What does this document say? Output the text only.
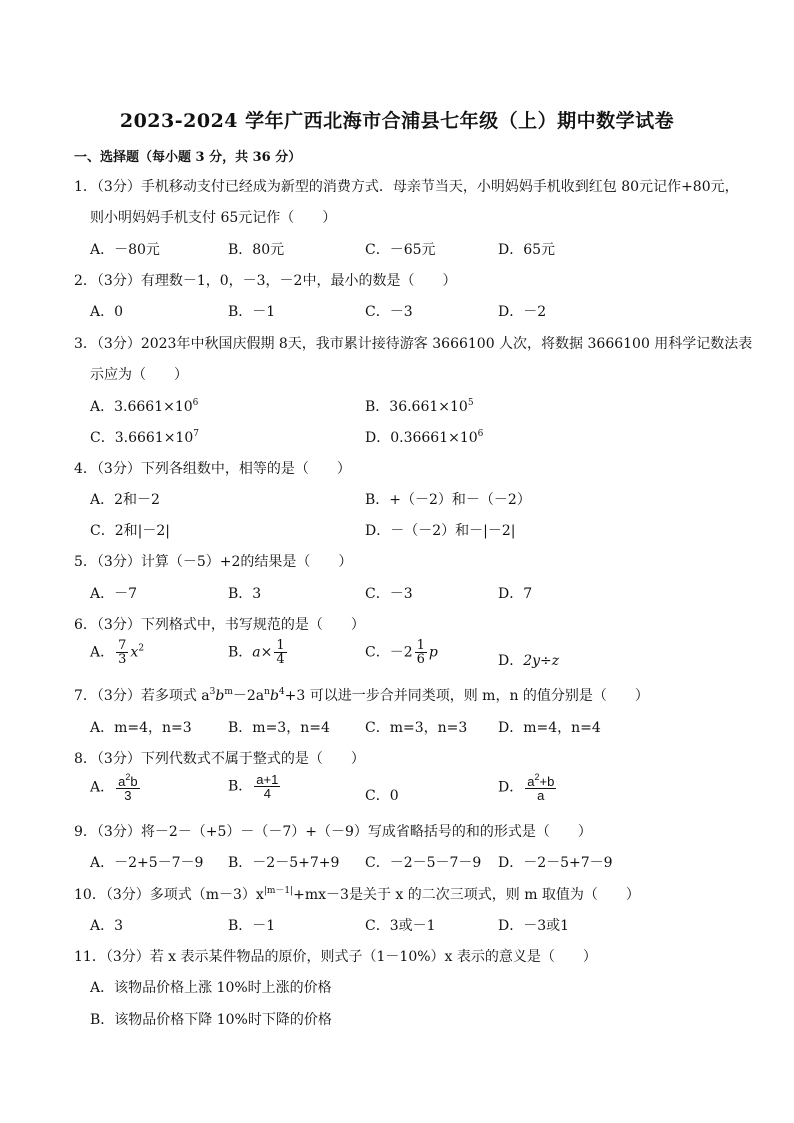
2023-2024 学年广西北海市合浦县七年级（上）期中数学试卷
一、选择题（每小题 3 分，共 36 分）
1．（3分）手机移动支付已经成为新型的消费方式．母亲节当天，小明妈妈手机收到红包 80元记作+80元，
则小明妈妈手机支付 65元记作（　　）
A．－80元	B．80元	C．－65元	D．65元
2．（3分）有理数－1，0，－3，－2中，最小的数是（　　）
A．0	B．－1	C．－3	D．－2
3．（3分）2023年中秋国庆假期 8天，我市累计接待游客 3666100 人次，将数据 3666100 用科学记数法表
示应为（　　）
A．$3.6661\times 10^6$	B．$36.661\times 10^5$
C．$3.6661\times 10^7$	D．$0.36661\times 10^6$
4．（3分）下列各组数中，相等的是（　　）
A．2和－2	B．+（－2）和－（－2）
C．2和|－2|	D．－（－2）和－|－2|
5．（3分）计算（－5）+2的结果是（　　）
A．－7	B．3	C．－3	D．7
6．（3分）下列格式中，书写规范的是（　　）
A． $\frac{7}{3} x^2$	B．$a\times \frac{1}{4}$	C．$-2 \frac{1}{6}$ p
D．2y÷z
7．（3分）若多项式 $a^3b^m-2a^nb^4+3$ 可以进一步合并同类项，则 m，n 的值分别是（　　）
A．m=4，n=3	B．m=3，n=4	C．m=3，n=3 D．m=4，n=4
8．（3分）下列代数式不属于整式的是（　　）
A． $\frac{a^2b}{3}$	B． $\frac{a+1}{4}$	C．0
D． $\frac{a^2+b}{a}$
9．（3分）将－2－（+5）－（－7）+（－9）写成省略括号的和的形式是（　　）
A．－2+5－7－9 B．－2－5+7+9 C．－2－5－7－9 D．－2－5+7－9
10．（3分）多项式$(m-3)x^{|m-1|}+mx-3$是关于 x 的二次三项式，则 m 取值为（　　）
A．3	B．－1	C．3或－1	D．－3或1
11．（3分）若 x 表示某件物品的原价，则式子（1－10%）x 表示的意义是（　　）
A．该物品价格上涨 10%时上涨的价格
B．该物品价格下降 10%时下降的价格
